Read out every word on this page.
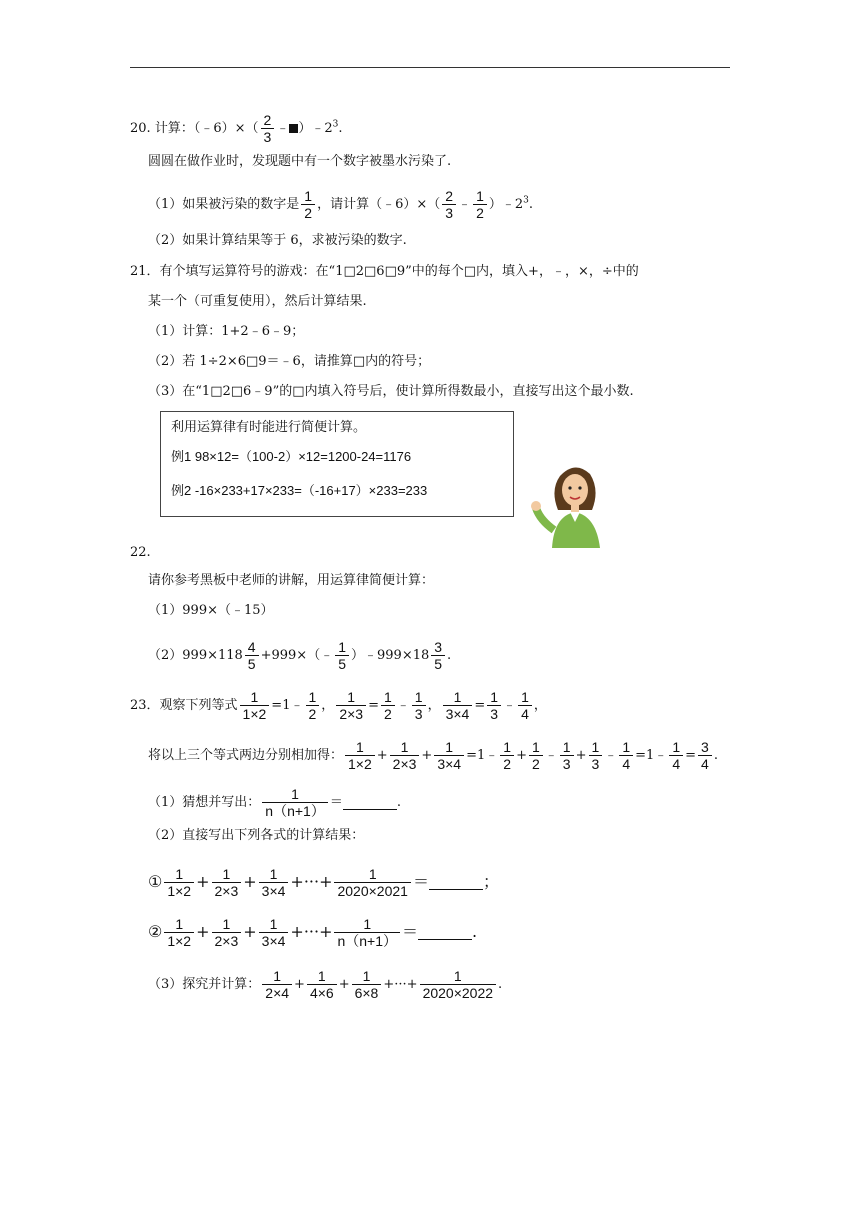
20. 计算：（﹣6）×（ $\frac{2}{3}$ ﹣ ）$﹣2^3$.
圆圆在做作业时，发现题中有一个数字被墨水污染了.
（1）如果被污染的数字是 $\frac{1}{2}$ ，请计算（﹣6）×（ $\frac{2}{3}$ ﹣ $\frac{1}{2}$ ）$﹣2^3$.
（2）如果计算结果等于 6，求被污染的数字.
21．有个填写运算符号的游戏：在“1□2□6□9”中的每个□内，填入+，﹣，×，÷中的
某一个（可重复使用），然后计算结果.
（1）计算：1+2﹣6﹣9；
（2）若 1÷2×6□9＝﹣6，请推算□内的符号；
（3）在“1□2□6﹣9”的□内填入符号后，使计算所得数最小，直接写出这个最小数.
利用运算律有时能进行简便计算。
例1 98×12=（100-2）×12=1200-24=1176
例2 -16×233+17×233=（-16+17）×233=233
22.
请你参考黑板中老师的讲解，用运算律简便计算：
（1）999×（﹣15）
$(2)999\times 118 \frac{4}{5}$ +999×（﹣ $\frac{1}{5}$ ）﹣999×18 $\frac{3}{5}$ .
23．观察下列等式 $\frac{1}{1\times 2}$ =1﹣ $\frac{1}{2}$ ， $\frac{1}{2\times 3} = \frac{1}{2}$ ﹣ $\frac{1}{3}$ ， $\frac{1}{3\times 4} = \frac{1}{3}$ ﹣ $\frac{1}{4}$ ，
将以上三个等式两边分别相加得： $\frac{1}{1\times 2} + \frac{1}{2\times 3} + \frac{1}{3\times 4}$ =1﹣ $\frac{1}{2} + \frac{1}{2}$ ﹣ $\frac{1}{3} + \frac{1}{3}$ ﹣ $\frac{1}{4}$ =1﹣ $\frac{1}{4} = \frac{3}{4}$ .
（1）猜想并写出： $\frac{1}{n(n+1)}$ ＝	.
（2）直接写出下列各式的计算结果：
① $\frac{1}{1\times 2} + \frac{1}{2\times 3} + \frac{1}{3\times 4}$ +···+ $\frac{1}{2020\times 2021}$ ＝	；
② $\frac{1}{1\times 2} + \frac{1}{2\times 3} + \frac{1}{3\times 4}$ +···+ $\frac{1}{n(n+1)}$ ＝	.
（3）探究并计算： $\frac{1}{2\times 4} + \frac{1}{4\times 6} + \frac{1}{6\times 8}$ +···+ $\frac{1}{2020\times 2022}$ .
